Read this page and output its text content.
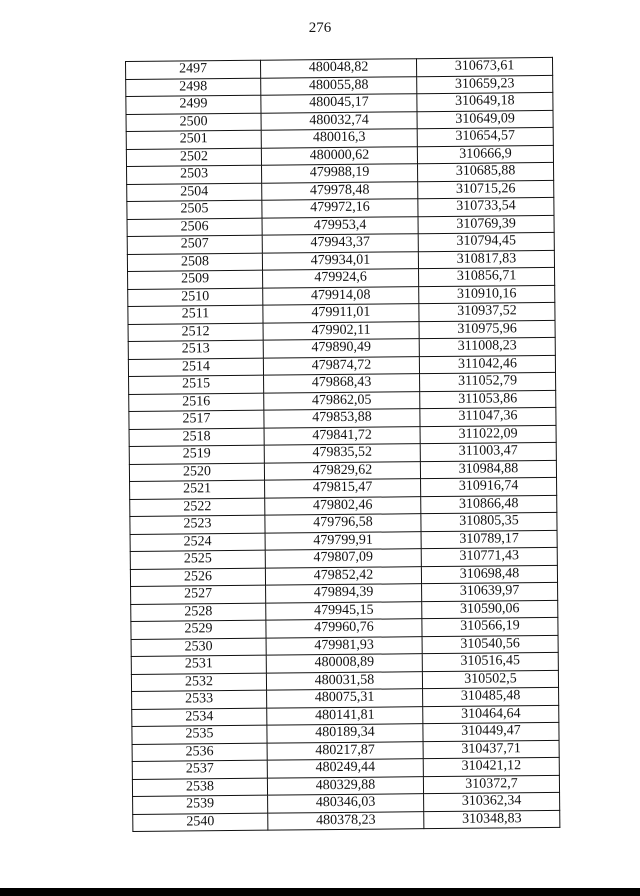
276
2497	480048,82	310673,61
2498	480055,88	310659,23
2499	480045,17	310649,18
2500	480032,74	310649,09
2501	480016,3	310654,57
2502	480000,62	310666,9
2503	479988,19	310685,88
2504	479978,48	310715,26
2505	479972,16	310733,54
2506	479953,4	310769,39
2507	479943,37	310794,45
2508	479934,01	310817,83
2509	479924,6	310856,71
2510	479914,08	310910,16
2511	479911,01	310937,52
2512	479902,11	310975,96
2513	479890,49	311008,23
2514	479874,72	311042,46
2515	479868,43	311052,79
2516	479862,05	311053,86
2517	479853,88	311047,36
2518	479841,72	311022,09
2519	479835,52	311003,47
2520	479829,62	310984,88
2521	479815,47	310916,74
2522	479802,46	310866,48
2523	479796,58	310805,35
2524	479799,91	310789,17
2525	479807,09	310771,43
2526	479852,42	310698,48
2527	479894,39	310639,97
2528	479945,15	310590,06
2529	479960,76	310566,19
2530	479981,93	310540,56
2531	480008,89	310516,45
2532	480031,58	310502,5
2533	480075,31	310485,48
2534	480141,81	310464,64
2535	480189,34	310449,47
2536	480217,87	310437,71
2537	480249,44	310421,12
2538	480329,88	310372,7
2539	480346,03	310362,34
2540	480378,23	310348,83
